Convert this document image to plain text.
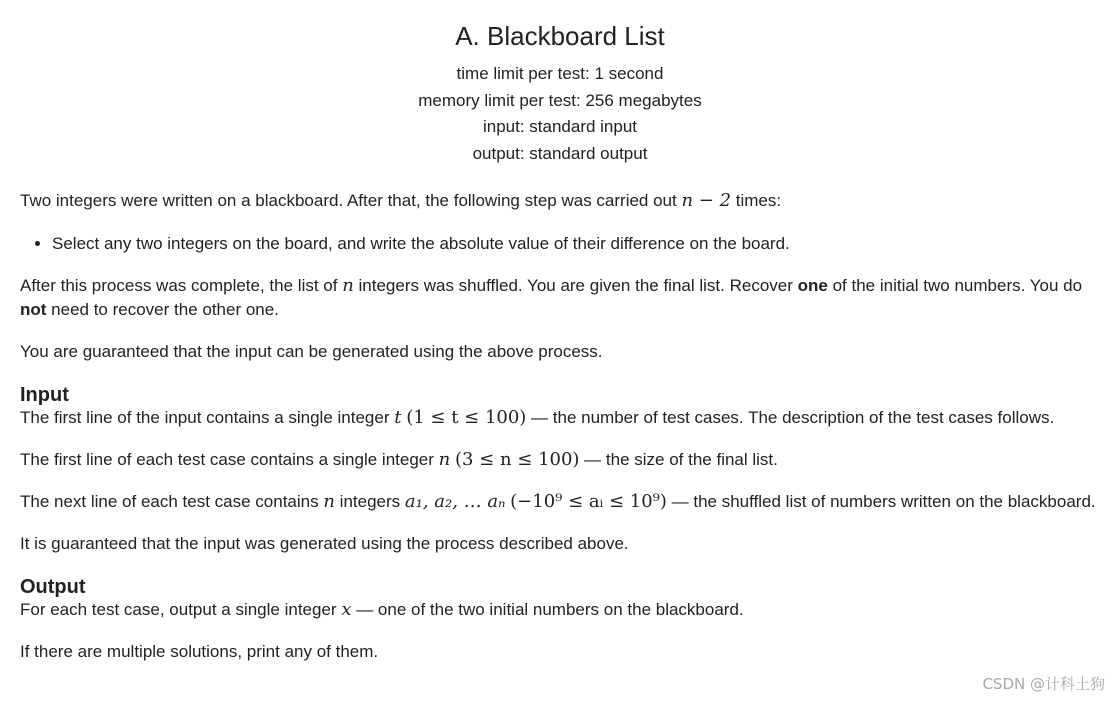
A. Blackboard List
time limit per test: 1 second
memory limit per test: 256 megabytes
input: standard input
output: standard output

Two integers were written on a blackboard. After that, the following step was carried out n − 2 times:

• Select any two integers on the board, and write the absolute value of their difference on the board.

After this process was complete, the list of n integers was shuffled. You are given the final list. Recover one of the initial two numbers. You do not need to recover the other one.

You are guaranteed that the input can be generated using the above process.

Input

The first line of the input contains a single integer t (1 ≤ t ≤ 100) — the number of test cases. The description of the test cases follows.

The first line of each test case contains a single integer n (3 ≤ n ≤ 100) — the size of the final list.

The next line of each test case contains n integers a₁, a₂, … aₙ (−10⁹ ≤ aᵢ ≤ 10⁹) — the shuffled list of numbers written on the blackboard.

It is guaranteed that the input was generated using the process described above.

Output

For each test case, output a single integer x — one of the two initial numbers on the blackboard.

If there are multiple solutions, print any of them.

CSDN @计科土狗
